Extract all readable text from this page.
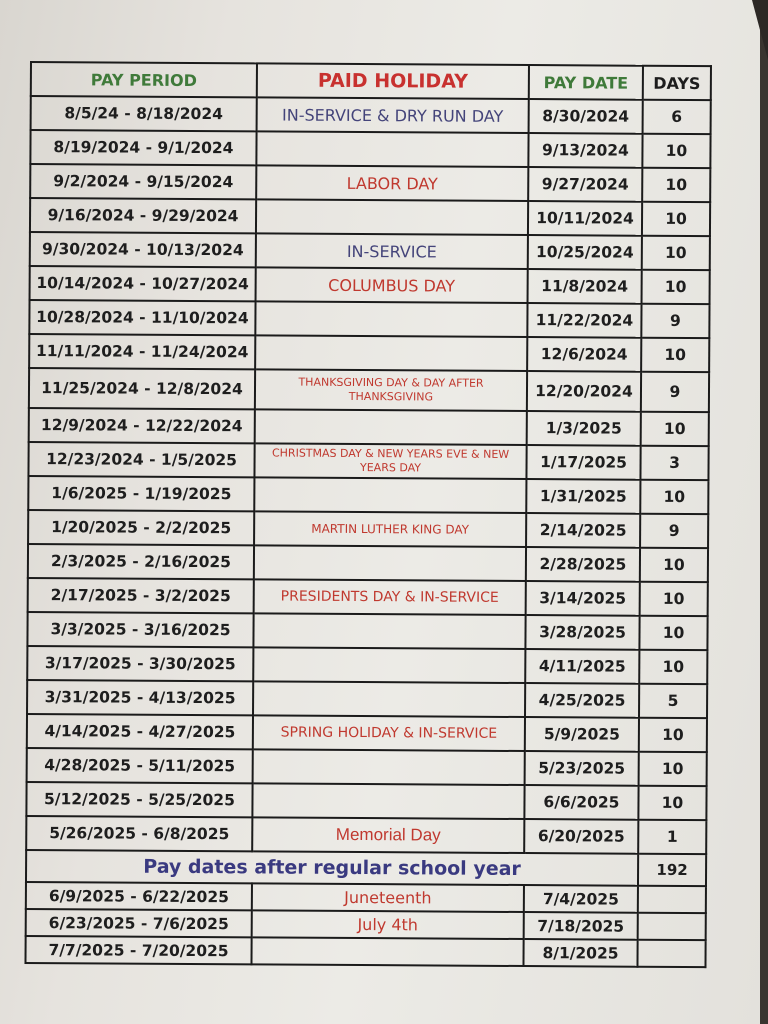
PAY PERIOD	PAID HOLIDAY	PAY DATE	DAYS
8/5/24 - 8/18/2024	IN-SERVICE & DRY RUN DAY	8/30/2024	6
8/19/2024 - 9/1/2024		9/13/2024	10
9/2/2024 - 9/15/2024	LABOR DAY	9/27/2024	10
9/16/2024 - 9/29/2024		10/11/2024	10
9/30/2024 - 10/13/2024	IN-SERVICE	10/25/2024	10
10/14/2024 - 10/27/2024	COLUMBUS DAY	11/8/2024	10
10/28/2024 - 11/10/2024		11/22/2024	9
11/11/2024 - 11/24/2024		12/6/2024	10
11/25/2024 - 12/8/2024	THANKSGIVING DAY & DAY AFTER THANKSGIVING	12/20/2024	9
12/9/2024 - 12/22/2024		1/3/2025	10
12/23/2024 - 1/5/2025	CHRISTMAS DAY & NEW YEARS EVE & NEW YEARS DAY	1/17/2025	3
1/6/2025 - 1/19/2025		1/31/2025	10
1/20/2025 - 2/2/2025	MARTIN LUTHER KING DAY	2/14/2025	9
2/3/2025 - 2/16/2025		2/28/2025	10
2/17/2025 - 3/2/2025	PRESIDENTS DAY & IN-SERVICE	3/14/2025	10
3/3/2025 - 3/16/2025		3/28/2025	10
3/17/2025 - 3/30/2025		4/11/2025	10
3/31/2025 - 4/13/2025		4/25/2025	5
4/14/2025 - 4/27/2025	SPRING HOLIDAY & IN-SERVICE	5/9/2025	10
4/28/2025 - 5/11/2025		5/23/2025	10
5/12/2025 - 5/25/2025		6/6/2025	10
5/26/2025 - 6/8/2025	Memorial Day	6/20/2025	1
Pay dates after regular school year			192
6/9/2025 - 6/22/2025	Juneteenth	7/4/2025	
6/23/2025 - 7/6/2025	July 4th	7/18/2025	
7/7/2025 - 7/20/2025		8/1/2025	
